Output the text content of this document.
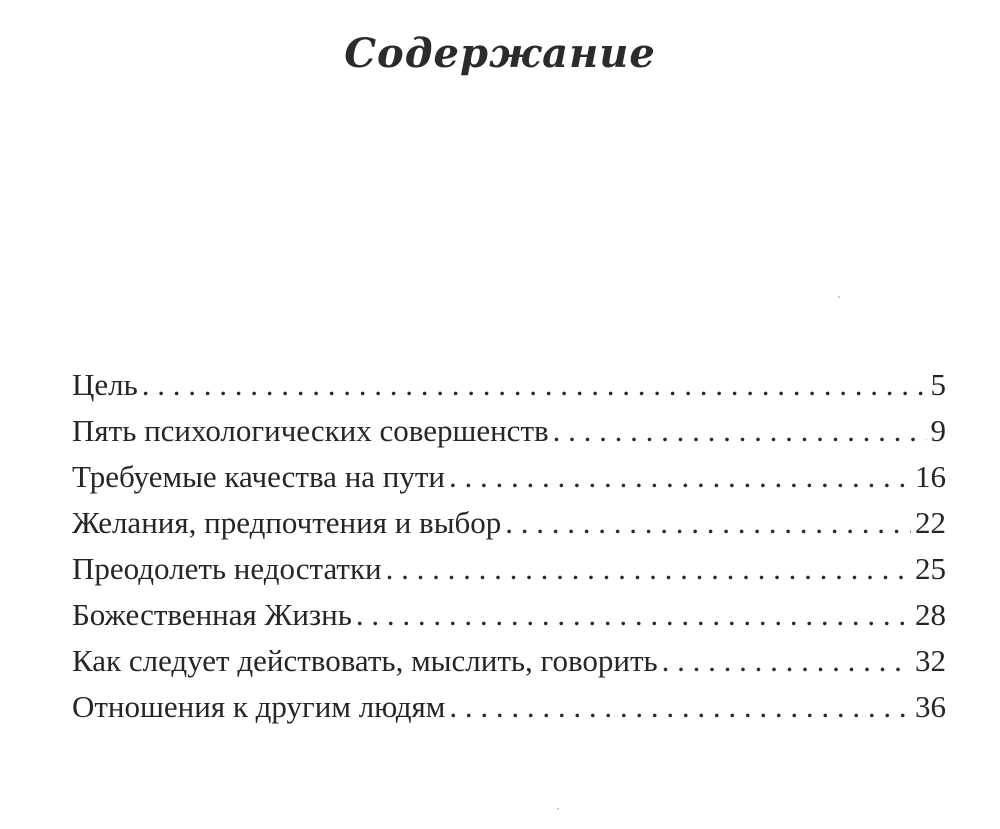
Содержание
Цель . . .	5
Пять психологических совершенств . . .	9
Требуемые качества на пути . . .	16
Желания, предпочтения и выбор . . .	22
Преодолеть недостатки . . .	25
Божественная Жизнь . . .	28
Как следует действовать, мыслить, говорить . . .	32
Отношения к другим людям . . .	36
